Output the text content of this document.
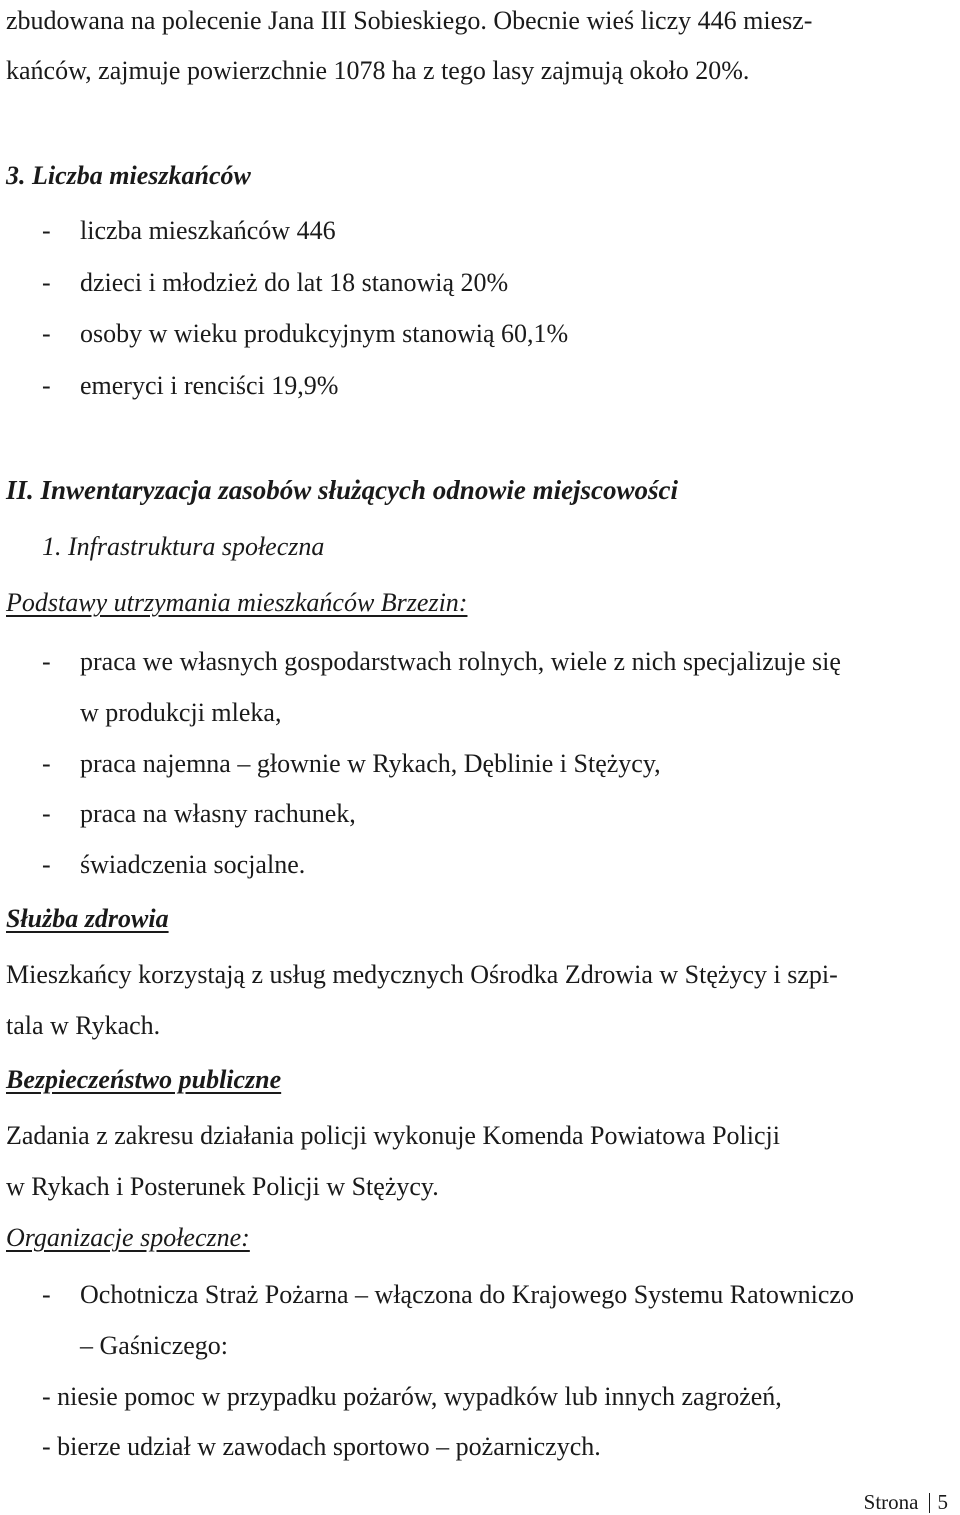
zbudowana na polecenie Jana III Sobieskiego. Obecnie wieś liczy 446 miesz-

kańców, zajmuje powierzchnie 1078 ha z tego lasy zajmują około 20%.

3. Liczba mieszkańców

- liczba mieszkańców 446
- dzieci i młodzież do lat 18 stanowią 20%
- osoby w wieku produkcyjnym stanowią 60,1%
- emeryci i renciści 19,9%

II. Inwentaryzacja zasobów służących odnowie miejscowości

1. Infrastruktura społeczna

Podstawy utrzymania mieszkańców Brzezin:

- praca we własnych gospodarstwach rolnych, wiele z nich specjalizuje się
w produkcji mleka,
- praca najemna – głownie w Rykach, Dęblinie i Stężycy,
- praca na własny rachunek,
- świadczenia socjalne.

Służba zdrowia

Mieszkańcy korzystają z usług medycznych Ośrodka Zdrowia w Stężycy i szpi-

tala w Rykach.

Bezpieczeństwo publiczne

Zadania z zakresu działania policji wykonuje Komenda Powiatowa Policji

w Rykach i Posterunek Policji w Stężycy.

Organizacje społeczne:

- Ochotnicza Straż Pożarna – włączona do Krajowego Systemu Ratowniczo
– Gaśniczego:

- niesie pomoc w przypadku pożarów, wypadków lub innych zagrożeń,

- bierze udział w zawodach sportowo – pożarniczych.

Strona 5
